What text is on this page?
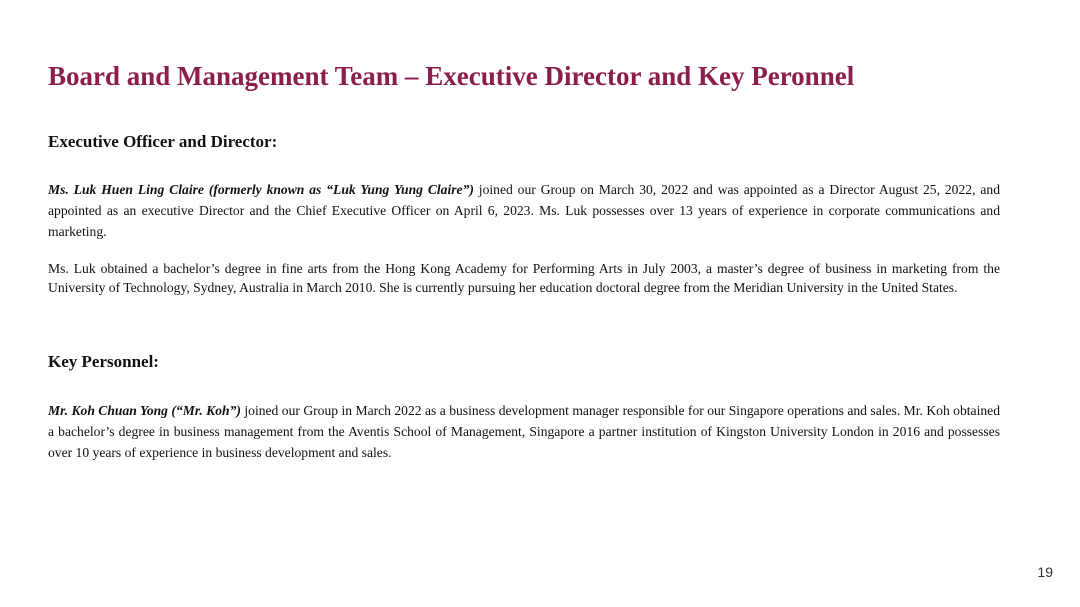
Board and Management Team – Executive Director and Key Peronnel
Executive Officer and Director:

Ms. Luk Huen Ling Claire (formerly known as “Luk Yung Yung Claire”) joined our Group on March 30, 2022 and was appointed as a Director August 25, 2022, and appointed as an executive Director and the Chief Executive Officer on April 6, 2023. Ms. Luk possesses over 13 years of experience in corporate communications and marketing.

Ms. Luk obtained a bachelor’s degree in fine arts from the Hong Kong Academy for Performing Arts in July 2003, a master’s degree of business in marketing from the University of Technology, Sydney, Australia in March 2010. She is currently pursuing her education doctoral degree from the Meridian University in the United States.

Key Personnel:

Mr. Koh Chuan Yong (“Mr. Koh”) joined our Group in March 2022 as a business development manager responsible for our Singapore operations and sales. Mr. Koh obtained a bachelor’s degree in business management from the Aventis School of Management, Singapore a partner institution of Kingston University London in 2016 and possesses over 10 years of experience in business development and sales.

19
